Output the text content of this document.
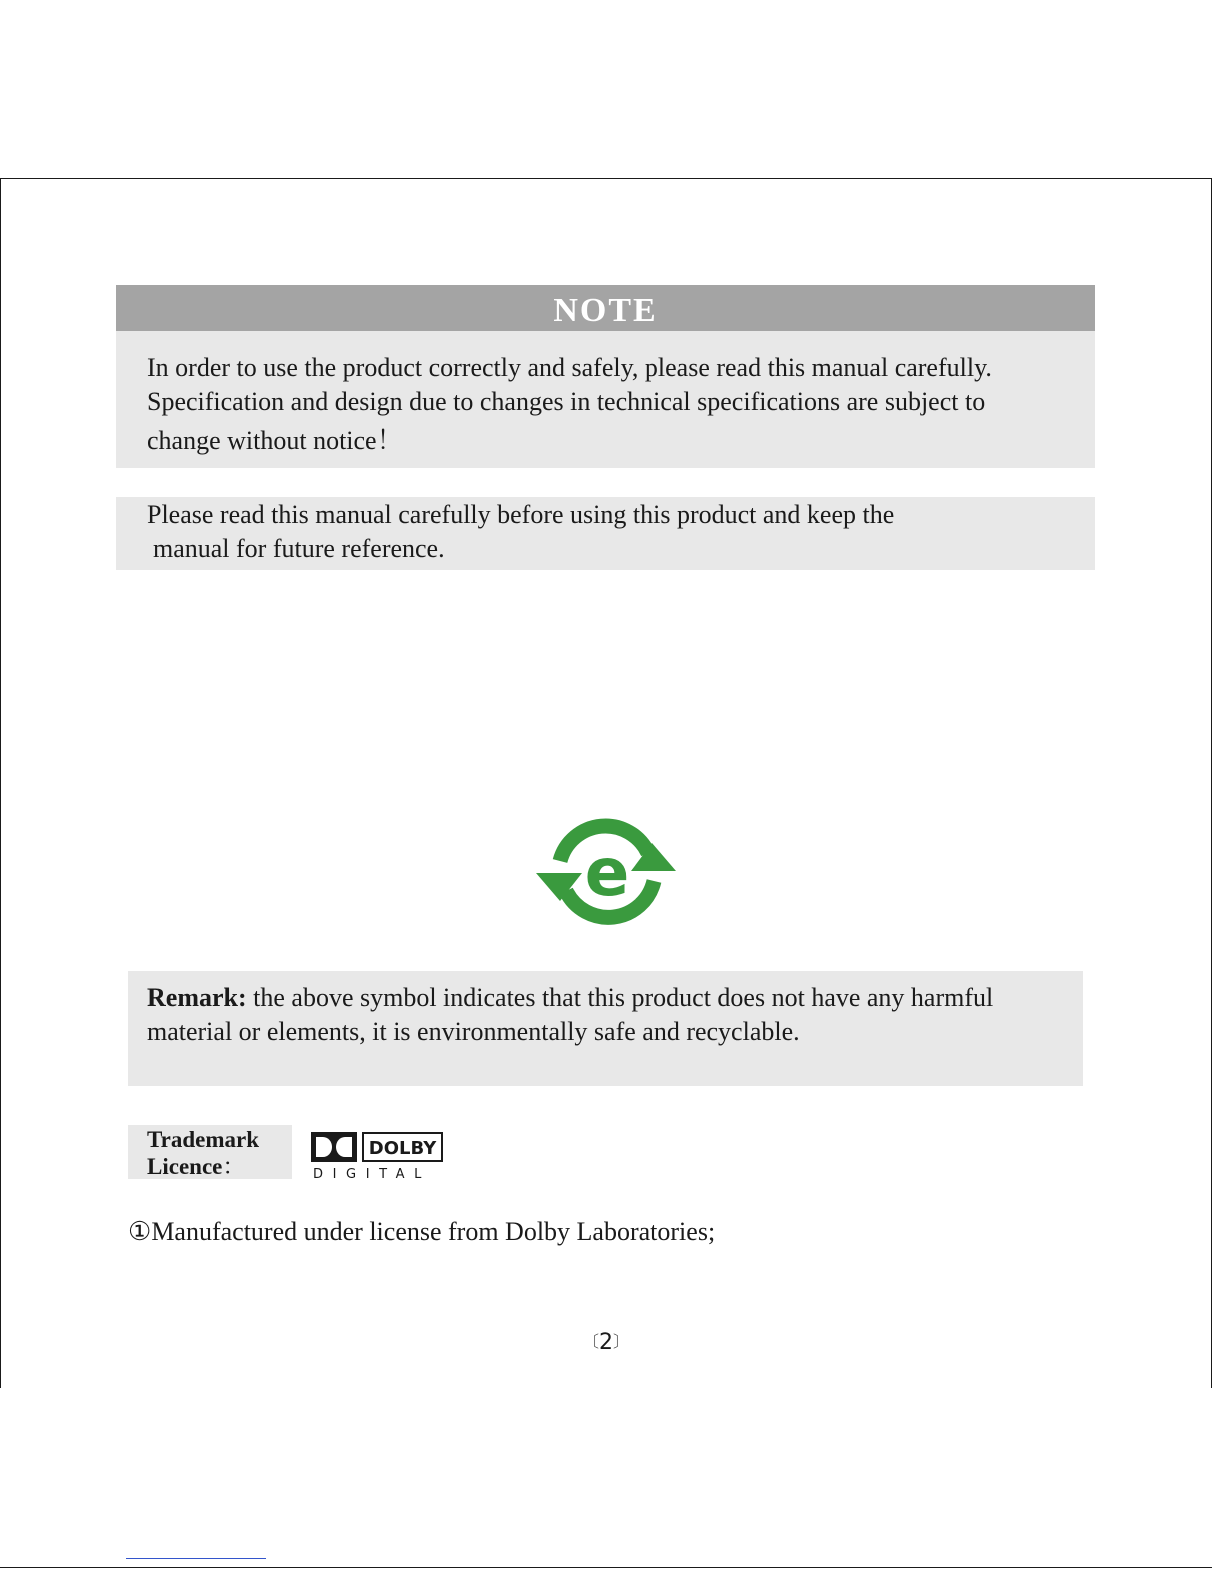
NOTE

In order to use the product correctly and safely, please read this manual carefully.

Specification and design due to changes in technical specifications are subject to

change without notice！

Please read this manual carefully before using this product and keep the

manual for future reference.

e

Remark: the above symbol indicates that this product does not have any harmful

material or elements, it is environmentally safe and recyclable.

Trademark
Licence：
DOLBY
DIGITAL
①Manufactured under license from Dolby Laboratories;
〔2〕
